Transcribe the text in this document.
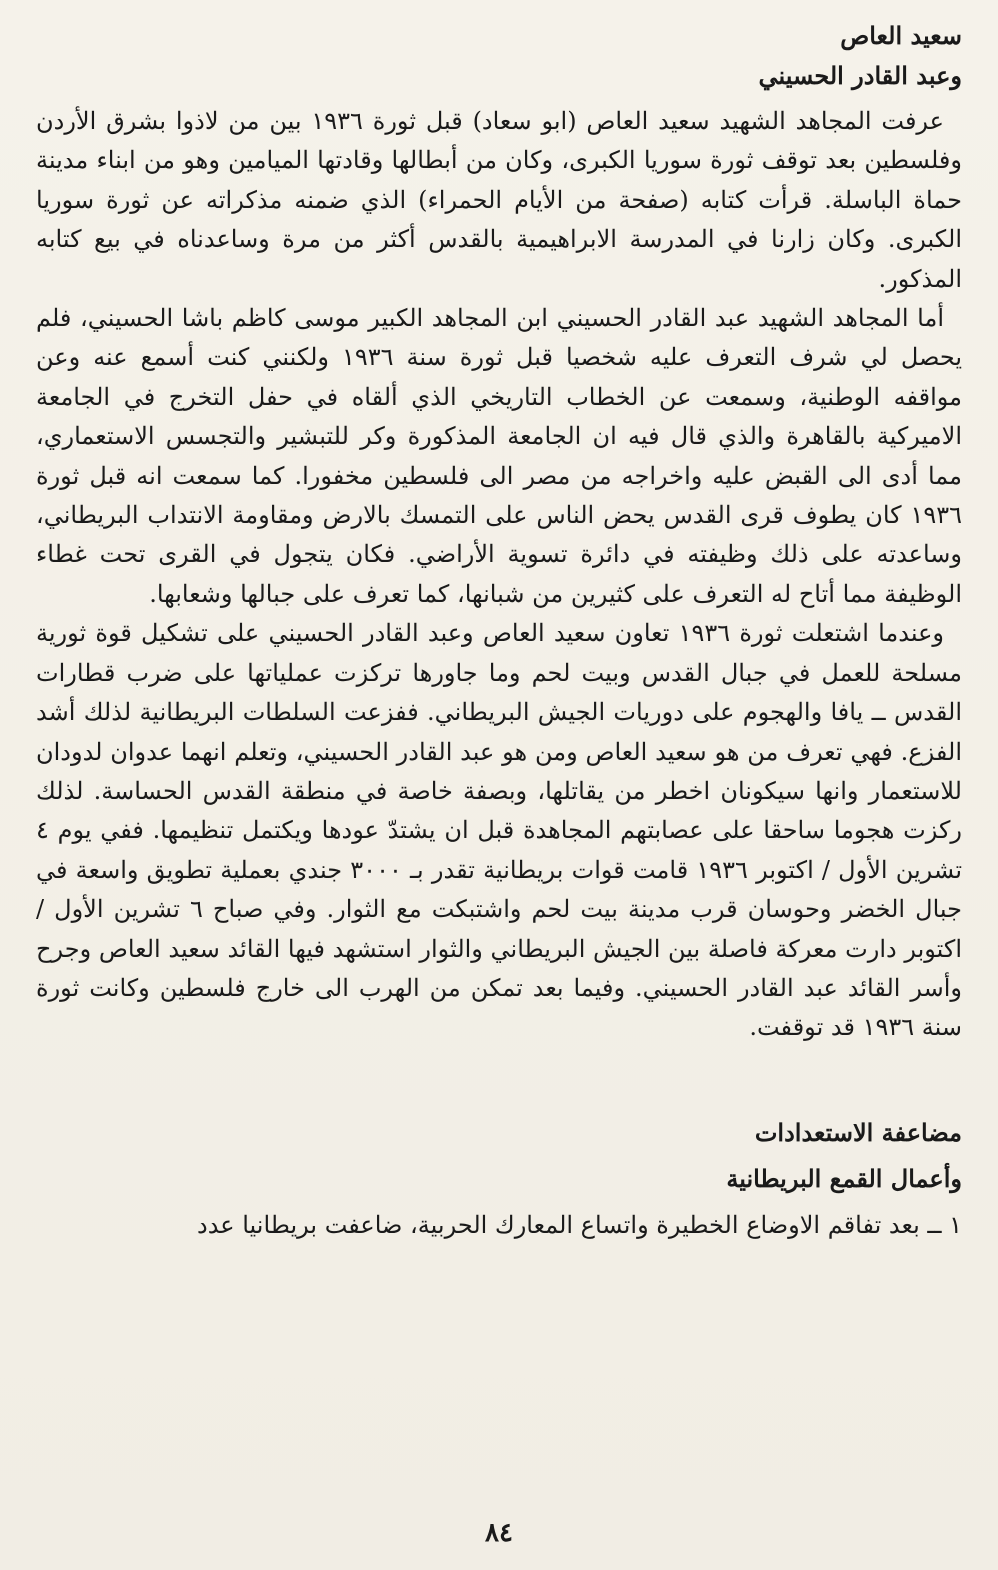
سعيد العاص

وعبد القادر الحسيني

عرفت المجاهد الشهيد سعيد العاص (ابو سعاد) قبل ثورة ١٩٣٦ بين من لاذوا بشرق الأردن وفلسطين بعد توقف ثورة سوريا الكبرى، وكان من أبطالها وقادتها الميامين وهو من ابناء مدينة حماة الباسلة. قرأت كتابه (صفحة من الأيام الحمراء) الذي ضمنه مذكراته عن ثورة سوريا الكبرى. وكان زارنا في المدرسة الابراهيمية بالقدس أكثر من مرة وساعدناه في بيع كتابه المذكور.

أما المجاهد الشهيد عبد القادر الحسيني ابن المجاهد الكبير موسى كاظم باشا الحسيني، فلم يحصل لي شرف التعرف عليه شخصيا قبل ثورة سنة ١٩٣٦ ولكنني كنت أسمع عنه وعن مواقفه الوطنية، وسمعت عن الخطاب التاريخي الذي ألقاه في حفل التخرج في الجامعة الاميركية بالقاهرة والذي قال فيه ان الجامعة المذكورة وكر للتبشير والتجسس الاستعماري، مما أدى الى القبض عليه واخراجه من مصر الى فلسطين مخفورا. كما سمعت انه قبل ثورة ١٩٣٦ كان يطوف قرى القدس يحض الناس على التمسك بالارض ومقاومة الانتداب البريطاني، وساعدته على ذلك وظيفته في دائرة تسوية الأراضي. فكان يتجول في القرى تحت غطاء الوظيفة مما أتاح له التعرف على كثيرين من شبانها، كما تعرف على جبالها وشعابها.

وعندما اشتعلت ثورة ١٩٣٦ تعاون سعيد العاص وعبد القادر الحسيني على تشكيل قوة ثورية مسلحة للعمل في جبال القدس وبيت لحم وما جاورها تركزت عملياتها على ضرب قطارات القدس ــ يافا والهجوم على دوريات الجيش البريطاني. ففزعت السلطات البريطانية لذلك أشد الفزع. فهي تعرف من هو سعيد العاص ومن هو عبد القادر الحسيني، وتعلم انهما عدوان لدودان للاستعمار وانها سيكونان اخطر من يقاتلها، وبصفة خاصة في منطقة القدس الحساسة. لذلك ركزت هجوما ساحقا على عصابتهم المجاهدة قبل ان يشتدّ عودها ويكتمل تنظيمها. ففي يوم ٤ تشرين الأول / اكتوبر ١٩٣٦ قامت قوات بريطانية تقدر بـ ٣٠٠٠ جندي بعملية تطويق واسعة في جبال الخضر وحوسان قرب مدينة بيت لحم واشتبكت مع الثوار. وفي صباح ٦ تشرين الأول / اكتوبر دارت معركة فاصلة بين الجيش البريطاني والثوار استشهد فيها القائد سعيد العاص وجرح وأسر القائد عبد القادر الحسيني. وفيما بعد تمكن من الهرب الى خارج فلسطين وكانت ثورة سنة ١٩٣٦ قد توقفت.

مضاعفة الاستعدادات

وأعمال القمع البريطانية

١ ــ بعد تفاقم الاوضاع الخطيرة واتساع المعارك الحربية، ضاعفت بريطانيا عدد

٨٤
